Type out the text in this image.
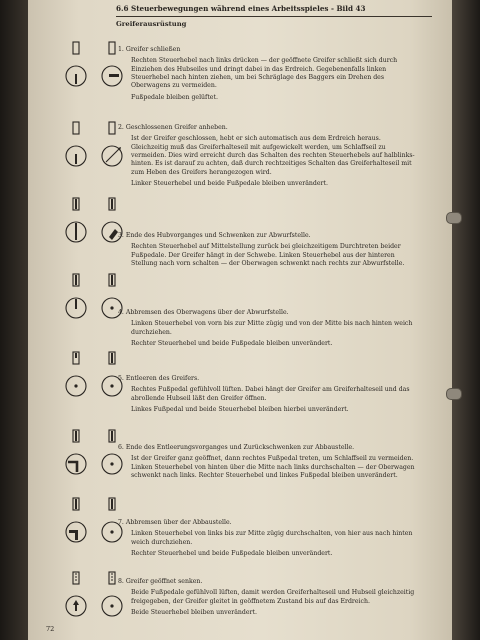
6.6 Steuerbewegungen während eines Arbeitsspieles - Bild 43
Greiferausrüstung
1. Greifer schließen

Rechten Steuerhebel nach links drücken — der geöffnete Greifer schließt sich durch Einziehen des Hubseiles und dringt dabei in das Erdreich. Gegebenenfalls linken Steuerhebel nach hinten ziehen, um bei Schräglage des Baggers ein Drehen des Oberwagens zu vermeiden.

Fußpedale bleiben gelüftet.

2. Geschlossenen Greifer anheben.

Ist der Greifer geschlossen, hebt er sich automatisch aus dem Erdreich heraus. Gleichzeitig muß das Greiferhalteseil mit aufgewickelt werden, um Schlaffseil zu vermeiden. Dies wird erreicht durch das Schalten des rechten Steuerhebels auf halblinks-hinten. Es ist darauf zu achten, daß durch rechtzeitiges Schalten das Greiferhalteseil mit zum Heben des Greifers herangezogen wird.

Linker Steuerhebel und beide Fußpedale bleiben unverändert.

3. Ende des Hubvorganges und Schwenken zur Abwurfstelle.

Rechten Steuerhebel auf Mittelstellung zurück bei gleichzeitigem Durchtreten beider Fußpedale. Der Greifer hängt in der Schwebe. Linken Steuerhebel aus der hinteren Stellung nach vorn schalten — der Oberwagen schwenkt nach rechts zur Abwurfstelle.

4. Abbremsen des Oberwagens über der Abwurfstelle.

Linken Steuerhebel von vorn bis zur Mitte zügig und von der Mitte bis nach hinten weich durchziehen.

Rechter Steuerhebel und beide Fußpedale bleiben unverändert.

5. Entleeren des Greifers.

Rechtes Fußpedal gefühlvoll lüften. Dabei hängt der Greifer am Greiferhalteseil und das abrollende Hubseil läßt den Greifer öffnen.

Linkes Fußpedal und beide Steuerhebel bleiben hierbei unverändert.

6. Ende des Entleerungsvorganges und Zurückschwenken zur Abbaustelle.

Ist der Greifer ganz geöffnet, dann rechtes Fußpedal treten, um Schlaffseil zu vermeiden. Linken Steuerhebel von hinten über die Mitte nach links durchschalten — der Oberwagen schwenkt nach links. Rechter Steuerhebel und linkes Fußpedal bleiben unverändert.

7. Abbremsen über der Abbaustelle.

Linken Steuerhebel von links bis zur Mitte zügig durchschalten, von hier aus nach hinten weich durchziehen.

Rechter Steuerhebel und beide Fußpedale bleiben unverändert.

8. Greifer geöffnet senken.

Beide Fußpedale gefühlvoll lüften, damit werden Greiferhalteseil und Hubseil gleichzeitig freigegeben, der Greifer gleitet in geöffnetem Zustand bis auf das Erdreich.

Beide Steuerhebel bleiben unverändert.

72
